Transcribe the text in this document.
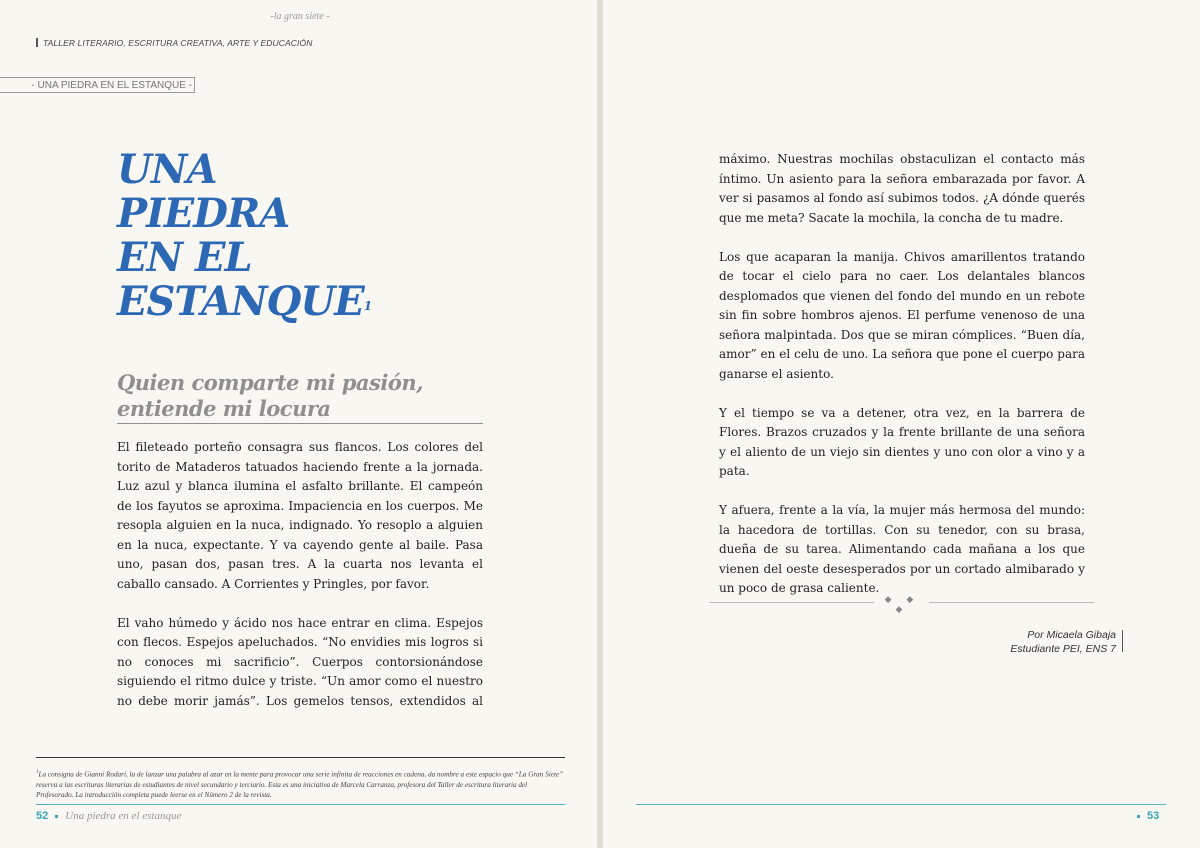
-la gran siete -
TALLER LITERARIO, ESCRITURA CREATIVA, ARTE Y EDUCACIÓN
- UNA PIEDRA EN EL ESTANQUE -
UNA
PIEDRA
EN EL
ESTANQUE$^1$
Quien comparte mi pasión, entiende mi locura

El fileteado porteño consagra sus flancos. Los colores del torito de Mataderos tatuados haciendo frente a la jornada. Luz azul y blanca ilumina el asfalto brillante. El campeón de los fayutos se aproxima. Impaciencia en los cuerpos. Me resopla alguien en la nuca, indignado. Yo resoplo a alguien en la nuca, expectante. Y va cayendo gente al baile. Pasa uno, pasan dos, pasan tres. A la cuarta nos levanta el caballo cansado. A Corrientes y Pringles, por favor.

El vaho húmedo y ácido nos hace entrar en clima. Espejos con flecos. Espejos apeluchados. “No envidies mis logros si no conoces mi sacrificio”. Cuerpos contorsionándose siguiendo el ritmo dulce y triste. “Un amor como el nuestro no debe morir jamás”. Los gemelos tensos, extendidos al

máximo. Nuestras mochilas obstaculizan el contacto más íntimo. Un asiento para la señora embarazada por favor. A ver si pasamos al fondo así subimos todos. ¿A dónde querés que me meta? Sacate la mochila, la concha de tu madre.

Los que acaparan la manija. Chivos amarillentos tratando de tocar el cielo para no caer. Los delantales blancos desplomados que vienen del fondo del mundo en un rebote sin fin sobre hombros ajenos. El perfume venenoso de una señora malpintada. Dos que se miran cómplices. “Buen día, amor” en el celu de uno. La señora que pone el cuerpo para ganarse el asiento.

Y el tiempo se va a detener, otra vez, en la barrera de Flores. Brazos cruzados y la frente brillante de una señora y el aliento de un viejo sin dientes y uno con olor a vino y a pata.

Y afuera, frente a la vía, la mujer más hermosa del mundo: la hacedora de tortillas. Con su tenedor, con su brasa, dueña de su tarea. Alimentando cada mañana a los que vienen del oeste desesperados por un cortado almibarado y un poco de grasa caliente.

◆ ◆ ◆
Por Micaela Gibaja
Estudiante PEI, ENS 7
$^1$La consigna de Gianni Rodari, la de lanzar una palabra al azar en la mente para provocar una serie infinita de reacciones en cadena, da nombre a este espacio que “La Gran Siete” reserva a las escrituras literarias de estudiantes de nivel secundario y terciario. Esta es una iniciativa de Marcela Carranza, profesora del Taller de escritura literaria del Profesorado. La introducción completa puede leerse en el Número 2 de la revista.
52 Una piedra en el estanque	53
